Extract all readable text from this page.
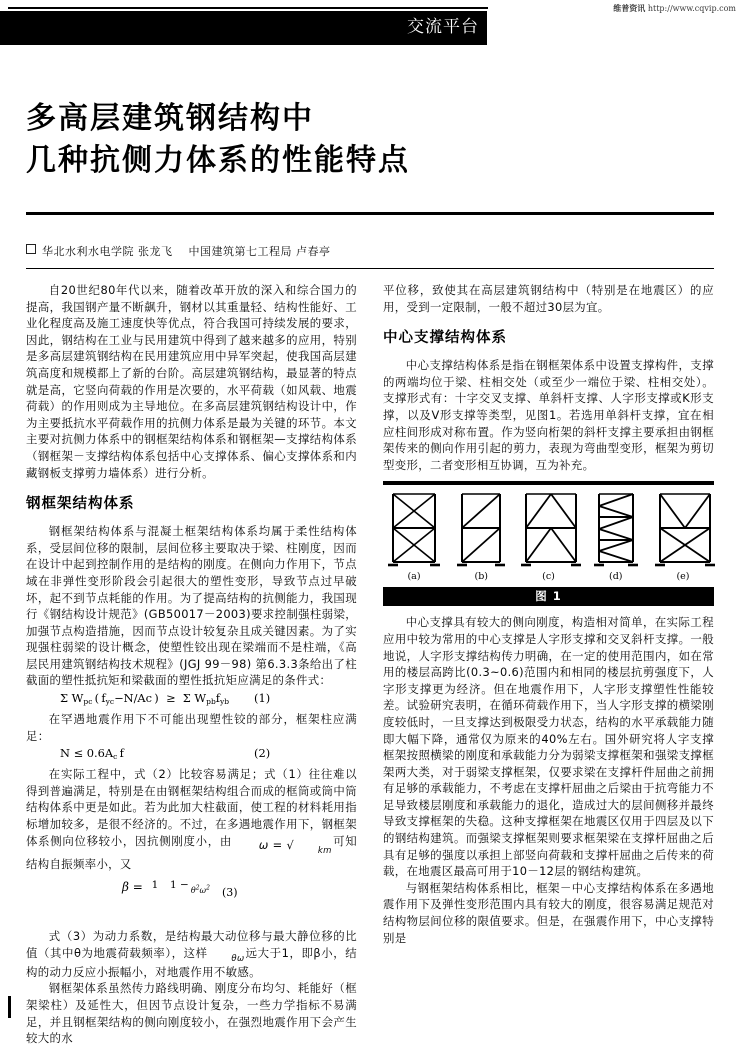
维普资讯 http://www.cqvip.com
交流平台
多高层建筑钢结构中
几种抗侧力体系的性能特点
华北水利水电学院 张龙飞 中国建筑第七工程局 卢春亭

自20世纪80年代以来，随着改革开放的深入和综合国力的提高，我国钢产量不断飙升，钢材以其重量轻、结构性能好、工业化程度高及施工速度快等优点，符合我国可持续发展的要求，因此，钢结构在工业与民用建筑中得到了越来越多的应用，特别是多高层建筑钢结构在民用建筑应用中异军突起，使我国高层建筑高度和规模都上了新的台阶。高层建筑钢结构，最显著的特点就是高，它竖向荷载的作用是次要的，水平荷载（如风载、地震荷载）的作用则成为主导地位。在多高层建筑钢结构设计中，作为主要抵抗水平荷载作用的抗侧力体系是最为关键的环节。本文主要对抗侧力体系中的钢框架结构体系和钢框架—支撑结构体系（钢框架－支撑结构体系包括中心支撑体系、偏心支撑体系和内藏钢板支撑剪力墙体系）进行分析。

钢框架结构体系

钢框架结构体系与混凝土框架结构体系均属于柔性结构体系，受层间位移的限制，层间位移主要取决于梁、柱刚度，因而在设计中起到控制作用的是结构的刚度。在侧向力作用下，节点域在非弹性变形阶段会引起很大的塑性变形，导致节点过早破坏，起不到节点耗能的作用。为了提高结构的抗侧能力，我国现行《钢结构设计规范》(GB50017－2003)要求控制强柱弱梁，加强节点构造措施，因而节点设计较复杂且成关键因素。为了实现强柱弱梁的设计概念，使塑性铰出现在梁端而不是柱端，《高层民用建筑钢结构技术规程》(JGJ 99－98) 第6.3.3条给出了柱截面的塑性抵抗矩和梁截面的塑性抵抗矩应满足的条件式：

Σ $W_{pc}$ ( $f_{yc}-N/Ac$ )  ≥  Σ $W_{pb}f_{yb}$ (1)

在罕遇地震作用下不可能出现塑性铰的部分，框架柱应满足：

$N \le 0.6A_c$ f	(2)

在实际工程中，式（2）比较容易满足；式（1）往往难以得到普遍满足，特别是在由钢框架结构组合而成的框筒或筒中筒结构体系中更是如此。若为此加大柱截面，使工程的材料耗用指标增加较多，是很不经济的。不过，在多遇地震作用下，钢框架体系侧向位移较小，因抗侧刚度小，由 ω = √	km可知结构自振频率小，又

β = 1 $1 - \theta^2\omega^2$ (3)

式（3）为动力系数，是结构最大动位移与最大静位移的比值（其中θ为地震荷载频率），这样	θω远大于1，即β小，结构的动力反应小振幅小，对地震作用不敏感。

钢框架体系虽然传力路线明确、刚度分布均匀、耗能好（框架梁柱）及延性大，但因节点设计复杂，一些力学指标不易满足，并且钢框架结构的侧向刚度较小，在强烈地震作用下会产生较大的水

平位移，致使其在高层建筑钢结构中（特别是在地震区）的应用，受到一定限制，一般不超过30层为宜。

中心支撑结构体系

中心支撑结构体系是指在钢框架体系中设置支撑构件，支撑的两端均位于梁、柱相交处（或至少一端位于梁、柱相交处）。支撑形式有：十字交叉支撑、单斜杆支撑、人字形支撑或K形支撑，以及V形支撑等类型，见图1。若选用单斜杆支撑，宜在相应柱间形成对称布置。作为竖向桁架的斜杆支撑主要承担由钢框架传来的侧向作用引起的剪力，表现为弯曲型变形，框架为剪切型变形，二者变形相互协调，互为补充。

(a)	(b)	(c)	(d)	(e)
图 1

中心支撑具有较大的侧向刚度，构造相对简单，在实际工程应用中较为常用的中心支撑是人字形支撑和交叉斜杆支撑。一般地说，人字形支撑结构传力明确，在一定的使用范围内，如在常用的楼层高跨比(0.3~0.6)范围内和相同的楼层抗剪强度下，人字形支撑更为经济。但在地震作用下，人字形支撑塑性性能较差。试验研究表明，在循环荷载作用下，当人字形支撑的横梁刚度较低时，一旦支撑达到极限受力状态，结构的水平承载能力随即大幅下降，通常仅为原来的40%左右。国外研究将人字支撑框架按照横梁的刚度和承载能力分为弱梁支撑框架和强梁支撑框架两大类，对于弱梁支撑框架，仅要求梁在支撑杆件屈曲之前拥有足够的承载能力，不考虑在支撑杆屈曲之后梁由于抗弯能力不足导致楼层刚度和承载能力的退化，造成过大的层间侧移并最终导致支撑框架的失稳。这种支撑框架在地震区仅用于四层及以下的钢结构建筑。而强梁支撑框架则要求框架梁在支撑杆屈曲之后具有足够的强度以承担上部竖向荷载和支撑杆屈曲之后传来的荷载，在地震区最高可用于10－12层的钢结构建筑。

与钢框架结构体系相比，框架－中心支撑结构体系在多遇地震作用下及弹性变形范围内具有较大的刚度，很容易满足规范对结构物层间位移的限值要求。但是，在强震作用下，中心支撑特别是
